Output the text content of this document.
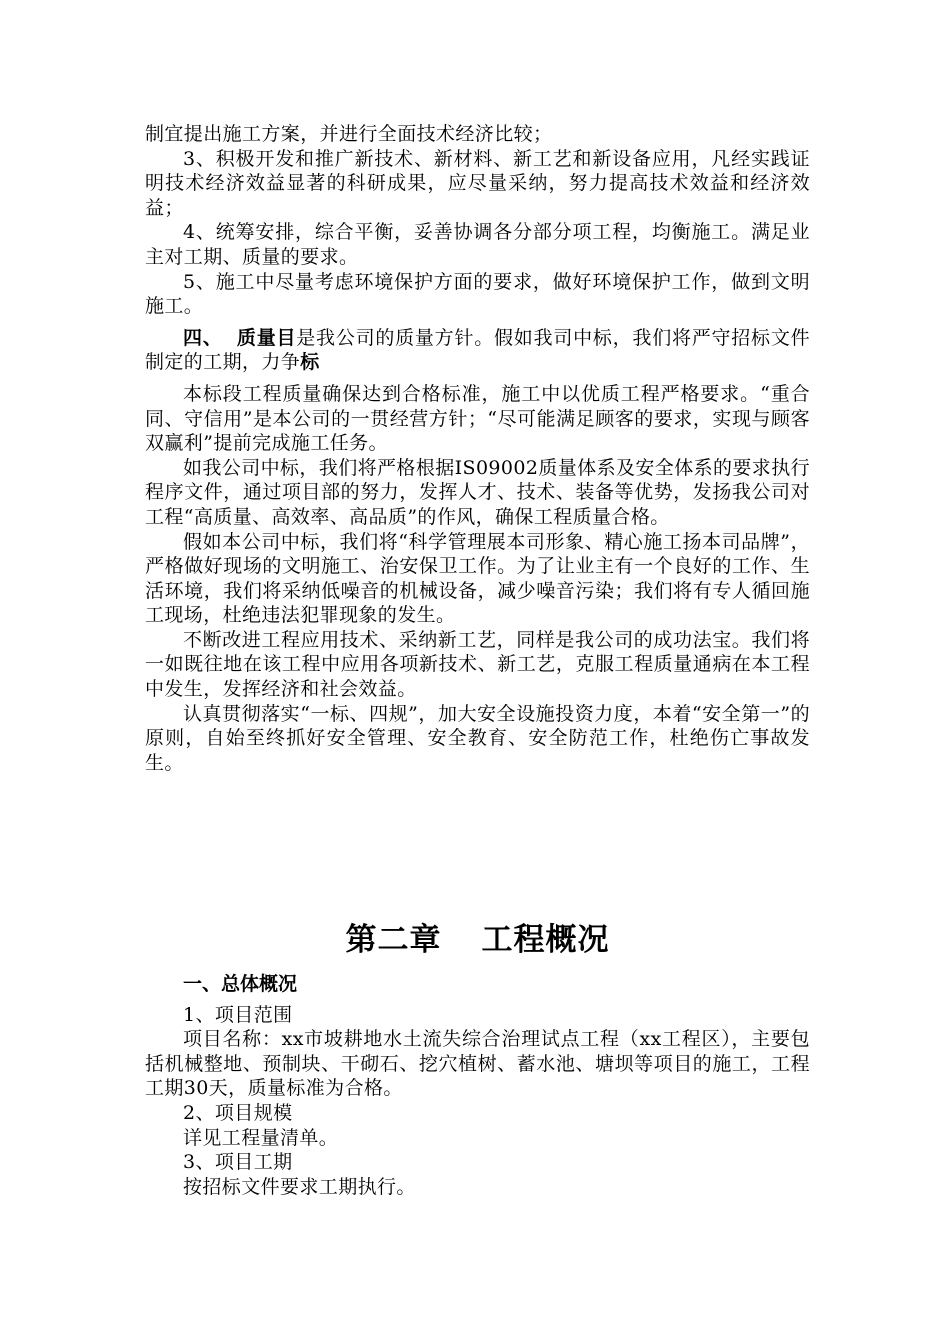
制宜提出施工方案，并进行全面技术经济比较；

3、积极开发和推广新技术、新材料、新工艺和新设备应用，凡经实践证明技术经济效益显著的科研成果，应尽量采纳，努力提高技术效益和经济效益；

4、统筹安排，综合平衡，妥善协调各分部分项工程，均衡施工。满足业主对工期、质量的要求。

5、施工中尽量考虑环境保护方面的要求，做好环境保护工作，做到文明施工。

四、 质量目是我公司的质量方针。假如我司中标，我们将严守招标文件制定的工期，力争标

本标段工程质量确保达到合格标准，施工中以优质工程严格要求。“重合同、守信用”是本公司的一贯经营方针；“尽可能满足顾客的要求，实现与顾客双赢利”提前完成施工任务。

如我公司中标，我们将严格根据IS09002质量体系及安全体系的要求执行程序文件，通过项目部的努力，发挥人才、技术、装备等优势，发扬我公司对工程“高质量、高效率、高品质”的作风，确保工程质量合格。

假如本公司中标，我们将“科学管理展本司形象、精心施工扬本司品牌”，严格做好现场的文明施工、治安保卫工作。为了让业主有一个良好的工作、生活环境，我们将采纳低噪音的机械设备，减少噪音污染；我们将有专人循回施工现场，杜绝违法犯罪现象的发生。

不断改进工程应用技术、采纳新工艺，同样是我公司的成功法宝。我们将一如既往地在该工程中应用各项新技术、新工艺，克服工程质量通病在本工程中发生，发挥经济和社会效益。

认真贯彻落实“一标、四规”，加大安全设施投资力度，本着“安全第一”的原则，自始至终抓好安全管理、安全教育、安全防范工作，杜绝伤亡事故发生。

第二章 工程概况

一、总体概况

1、项目范围

项目名称：xx市坡耕地水土流失综合治理试点工程（xx工程区），主要包括机械整地、预制块、干砌石、挖穴植树、蓄水池、塘坝等项目的施工，工程工期30天，质量标准为合格。

2、项目规模

详见工程量清单。

3、项目工期

按招标文件要求工期执行。
